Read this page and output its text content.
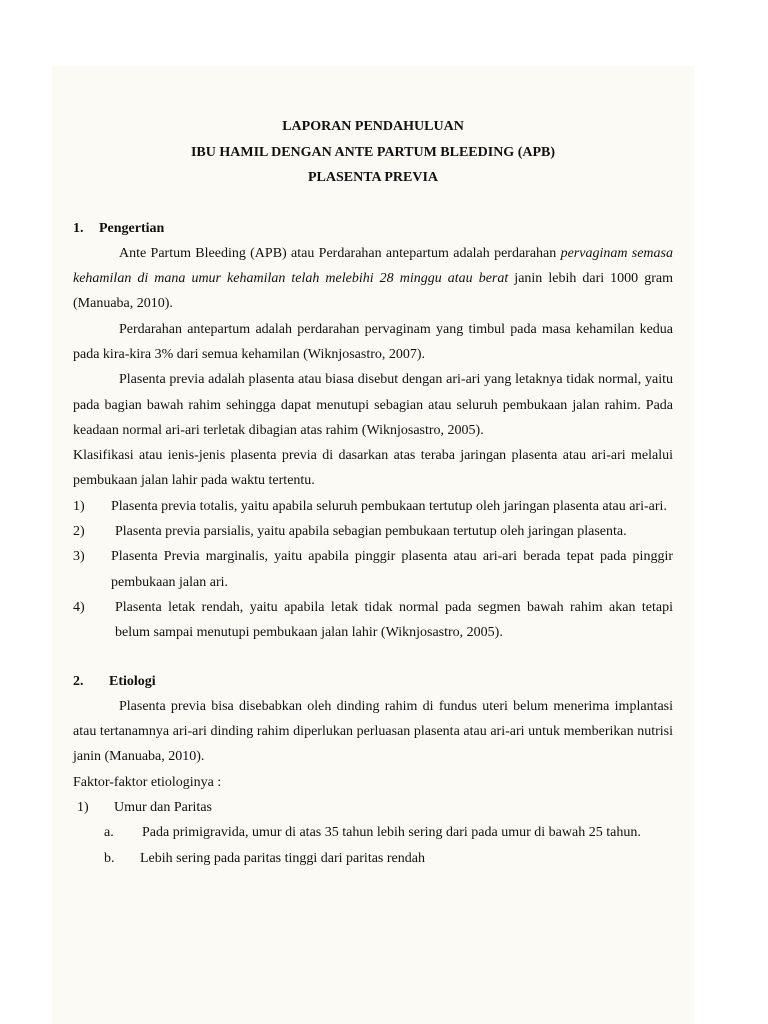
LAPORAN PENDAHULUAN
IBU HAMIL DENGAN ANTE PARTUM BLEEDING (APB)
PLASENTA PREVIA
1. Pengertian

Ante Partum Bleeding (APB) atau Perdarahan antepartum adalah perdarahan pervaginam semasa kehamilan di mana umur kehamilan telah melebihi 28 minggu atau berat janin lebih dari 1000 gram (Manuaba, 2010).

Perdarahan antepartum adalah perdarahan pervaginam yang timbul pada masa kehamilan kedua pada kira-kira 3% dari semua kehamilan (Wiknjosastro, 2007).

Plasenta previa adalah plasenta atau biasa disebut dengan ari-ari yang letaknya tidak normal, yaitu pada bagian bawah rahim sehingga dapat menutupi sebagian atau seluruh pembukaan jalan rahim. Pada keadaan normal ari-ari terletak dibagian atas rahim (Wiknjosastro, 2005).

Klasifikasi atau ienis-jenis plasenta previa di dasarkan atas teraba jaringan plasenta atau ari-ari melalui pembukaan jalan lahir pada waktu tertentu.

1)	Plasenta previa totalis, yaitu apabila seluruh pembukaan tertutup oleh jaringan plasenta atau ari-ari.
2)	Plasenta previa parsialis, yaitu apabila sebagian pembukaan tertutup oleh jaringan plasenta.
3)	Plasenta Previa marginalis, yaitu apabila pinggir plasenta atau ari-ari berada tepat pada pinggir pembukaan jalan ari.
4)	Plasenta letak rendah, yaitu apabila letak tidak normal pada segmen bawah rahim akan tetapi belum sampai menutupi pembukaan jalan lahir (Wiknjosastro, 2005).
2. Etiologi

Plasenta previa bisa disebabkan oleh dinding rahim di fundus uteri belum menerima implantasi atau tertanamnya ari-ari dinding rahim diperlukan perluasan plasenta atau ari-ari untuk memberikan nutrisi janin (Manuaba, 2010).

Faktor-faktor etiologinya :

1)	Umur dan Paritas
a.	Pada primigravida, umur di atas 35 tahun lebih sering dari pada umur di bawah 25 tahun.
b.	Lebih sering pada paritas tinggi dari paritas rendah
